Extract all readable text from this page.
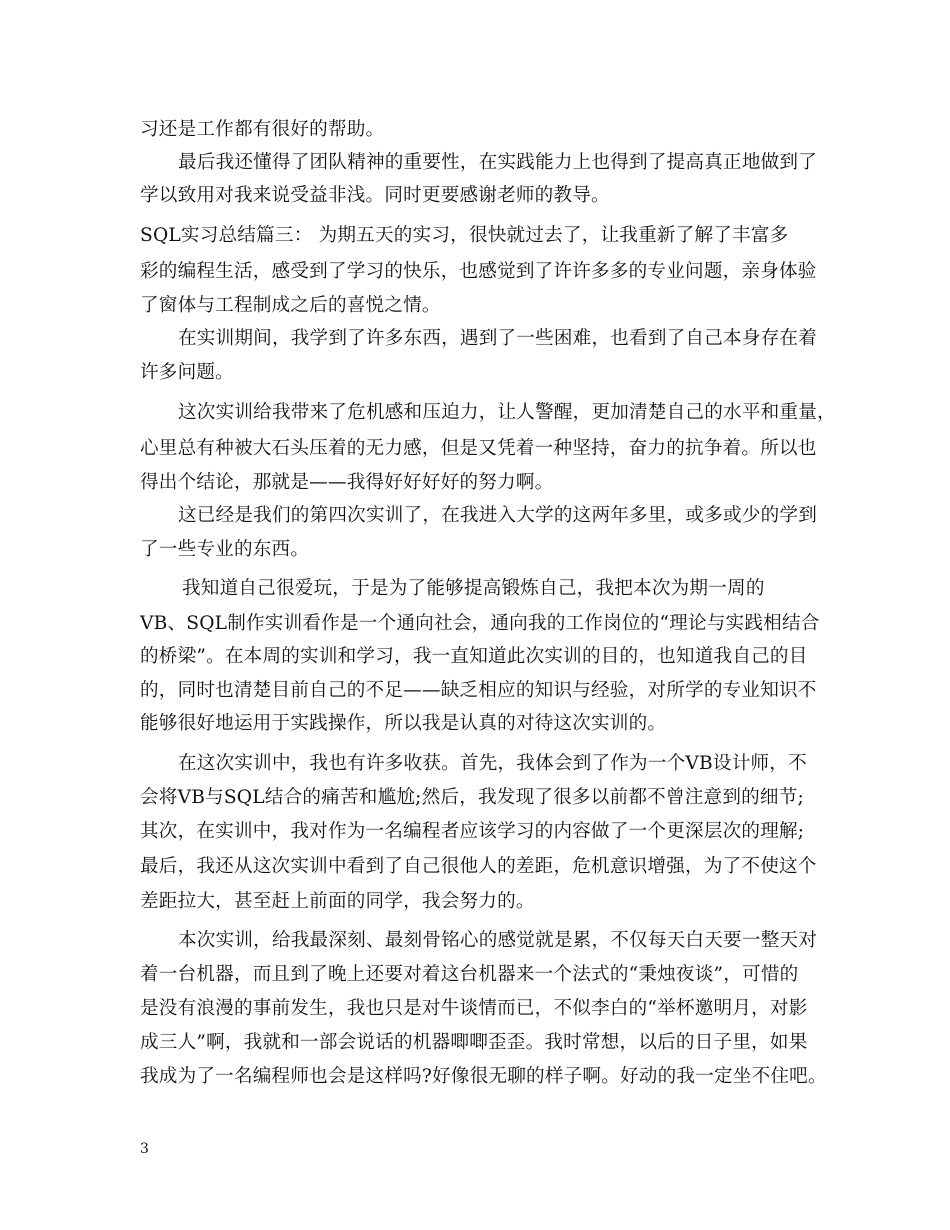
习还是工作都有很好的帮助。
最后我还懂得了团队精神的重要性，在实践能力上也得到了提高真正地做到了
学以致用对我来说受益非浅。同时更要感谢老师的教导。
SQL实习总结篇三： 为期五天的实习，很快就过去了，让我重新了解了丰富多
彩的编程生活，感受到了学习的快乐，也感觉到了许许多多的专业问题，亲身体验
了窗体与工程制成之后的喜悦之情。
在实训期间，我学到了许多东西，遇到了一些困难，也看到了自己本身存在着
许多问题。
这次实训给我带来了危机感和压迫力，让人警醒，更加清楚自己的水平和重量，
心里总有种被大石头压着的无力感，但是又凭着一种坚持，奋力的抗争着。所以也
得出个结论，那就是——我得好好好好的努力啊。
这已经是我们的第四次实训了，在我进入大学的这两年多里，或多或少的学到
了一些专业的东西。
我知道自己很爱玩，于是为了能够提高锻炼自己，我把本次为期一周的
VB、SQL制作实训看作是一个通向社会，通向我的工作岗位的“理论与实践相结合
的桥梁”。在本周的实训和学习，我一直知道此次实训的目的，也知道我自己的目
的，同时也清楚目前自己的不足——缺乏相应的知识与经验，对所学的专业知识不
能够很好地运用于实践操作，所以我是认真的对待这次实训的。
在这次实训中，我也有许多收获。首先，我体会到了作为一个VB设计师，不
会将VB与SQL结合的痛苦和尴尬;然后，我发现了很多以前都不曾注意到的细节;
其次，在实训中，我对作为一名编程者应该学习的内容做了一个更深层次的理解;
最后，我还从这次实训中看到了自己很他人的差距，危机意识增强，为了不使这个
差距拉大，甚至赶上前面的同学，我会努力的。
本次实训，给我最深刻、最刻骨铭心的感觉就是累，不仅每天白天要一整天对
着一台机器，而且到了晚上还要对着这台机器来一个法式的“秉烛夜谈”，可惜的
是没有浪漫的事前发生，我也只是对牛谈情而已，不似李白的“举杯邀明月，对影
成三人”啊，我就和一部会说话的机器唧唧歪歪。我时常想，以后的日子里，如果
我成为了一名编程师也会是这样吗?好像很无聊的样子啊。好动的我一定坐不住吧。
3
